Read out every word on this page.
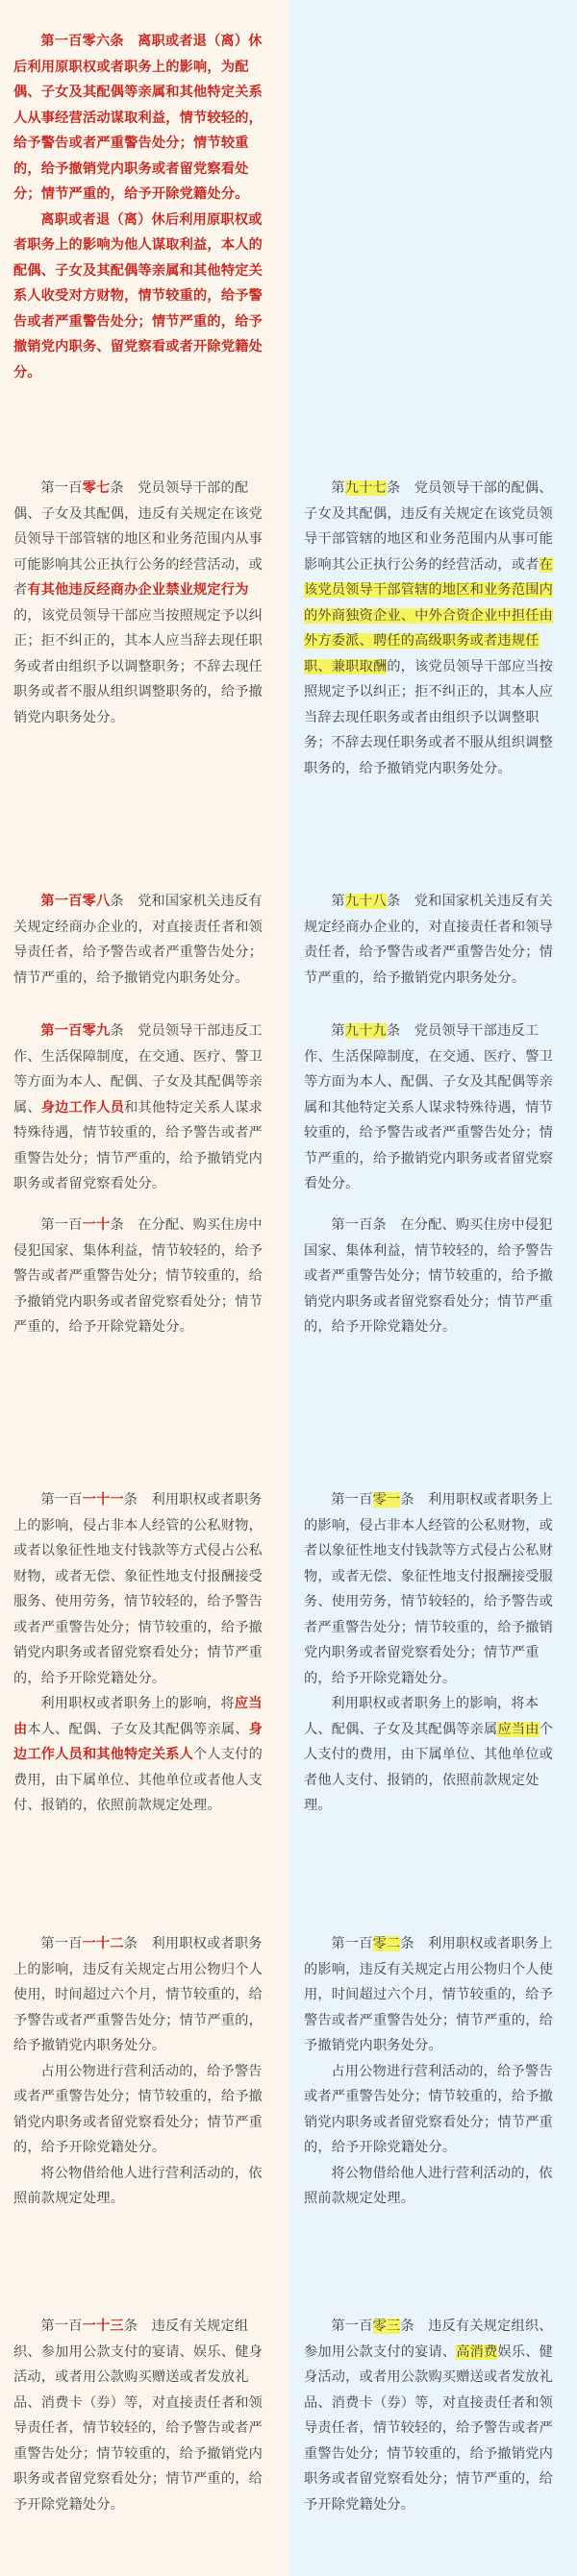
第一百零六条　离职或者退（离）休后利用原职权或者职务上的影响，为配偶、子女及其配偶等亲属和其他特定关系人从事经营活动谋取利益，情节较轻的，给予警告或者严重警告处分；情节较重的，给予撤销党内职务或者留党察看处分；情节严重的，给予开除党籍处分。

离职或者退（离）休后利用原职权或者职务上的影响为他人谋取利益，本人的配偶、子女及其配偶等亲属和其他特定关系人收受对方财物，情节较重的，给予警告或者严重警告处分；情节严重的，给予撤销党内职务、留党察看或者开除党籍处分。

第一百零七条　党员领导干部的配偶、子女及其配偶，违反有关规定在该党员领导干部管辖的地区和业务范围内从事可能影响其公正执行公务的经营活动，或者有其他违反经商办企业禁业规定行为的，该党员领导干部应当按照规定予以纠正；拒不纠正的，其本人应当辞去现任职务或者由组织予以调整职务；不辞去现任职务或者不服从组织调整职务的，给予撤销党内职务处分。

第九十七条　党员领导干部的配偶、子女及其配偶，违反有关规定在该党员领导干部管辖的地区和业务范围内从事可能影响其公正执行公务的经营活动，或者在该党员领导干部管辖的地区和业务范围内的外商独资企业、中外合资企业中担任由外方委派、聘任的高级职务或者违规任职、兼职取酬的，该党员领导干部应当按照规定予以纠正；拒不纠正的，其本人应当辞去现任职务或者由组织予以调整职务；不辞去现任职务或者不服从组织调整职务的，给予撤销党内职务处分。

第一百零八条　党和国家机关违反有关规定经商办企业的，对直接责任者和领导责任者，给予警告或者严重警告处分；情节严重的，给予撤销党内职务处分。

第九十八条　党和国家机关违反有关规定经商办企业的，对直接责任者和领导责任者，给予警告或者严重警告处分；情节严重的，给予撤销党内职务处分。

第一百零九条　党员领导干部违反工作、生活保障制度，在交通、医疗、警卫等方面为本人、配偶、子女及其配偶等亲属、身边工作人员和其他特定关系人谋求特殊待遇，情节较重的，给予警告或者严重警告处分；情节严重的，给予撤销党内职务或者留党察看处分。

第九十九条　党员领导干部违反工作、生活保障制度，在交通、医疗、警卫等方面为本人、配偶、子女及其配偶等亲属和其他特定关系人谋求特殊待遇，情节较重的，给予警告或者严重警告处分；情节严重的，给予撤销党内职务或者留党察看处分。

第一百一十条　在分配、购买住房中侵犯国家、集体利益，情节较轻的，给予警告或者严重警告处分；情节较重的，给予撤销党内职务或者留党察看处分；情节严重的，给予开除党籍处分。

第一百条　在分配、购买住房中侵犯国家、集体利益，情节较轻的，给予警告或者严重警告处分；情节较重的，给予撤销党内职务或者留党察看处分；情节严重的，给予开除党籍处分。

第一百一十一条　利用职权或者职务上的影响，侵占非本人经管的公私财物，或者以象征性地支付钱款等方式侵占公私财物，或者无偿、象征性地支付报酬接受服务、使用劳务，情节较轻的，给予警告或者严重警告处分；情节较重的，给予撤销党内职务或者留党察看处分；情节严重的，给予开除党籍处分。

利用职权或者职务上的影响，将应当由本人、配偶、子女及其配偶等亲属、身边工作人员和其他特定关系人个人支付的费用，由下属单位、其他单位或者他人支付、报销的，依照前款规定处理。

第一百零一条　利用职权或者职务上的影响，侵占非本人经管的公私财物，或者以象征性地支付钱款等方式侵占公私财物，或者无偿、象征性地支付报酬接受服务、使用劳务，情节较轻的，给予警告或者严重警告处分；情节较重的，给予撤销党内职务或者留党察看处分；情节严重的，给予开除党籍处分。

利用职权或者职务上的影响，将本人、配偶、子女及其配偶等亲属应当由个人支付的费用，由下属单位、其他单位或者他人支付、报销的，依照前款规定处理。

第一百一十二条　利用职权或者职务上的影响，违反有关规定占用公物归个人使用，时间超过六个月，情节较重的，给予警告或者严重警告处分；情节严重的，给予撤销党内职务处分。

占用公物进行营利活动的，给予警告或者严重警告处分；情节较重的，给予撤销党内职务或者留党察看处分；情节严重的，给予开除党籍处分。

将公物借给他人进行营利活动的，依照前款规定处理。

第一百零二条　利用职权或者职务上的影响，违反有关规定占用公物归个人使用，时间超过六个月，情节较重的，给予警告或者严重警告处分；情节严重的，给予撤销党内职务处分。

占用公物进行营利活动的，给予警告或者严重警告处分；情节较重的，给予撤销党内职务或者留党察看处分；情节严重的，给予开除党籍处分。

将公物借给他人进行营利活动的，依照前款规定处理。

第一百一十三条　违反有关规定组织、参加用公款支付的宴请、娱乐、健身活动，或者用公款购买赠送或者发放礼品、消费卡（券）等，对直接责任者和领导责任者，情节较轻的，给予警告或者严重警告处分；情节较重的，给予撤销党内职务或者留党察看处分；情节严重的，给予开除党籍处分。

第一百零三条　违反有关规定组织、参加用公款支付的宴请、高消费娱乐、健身活动，或者用公款购买赠送或者发放礼品、消费卡（券）等，对直接责任者和领导责任者，情节较轻的，给予警告或者严重警告处分；情节较重的，给予撤销党内职务或者留党察看处分；情节严重的，给予开除党籍处分。
